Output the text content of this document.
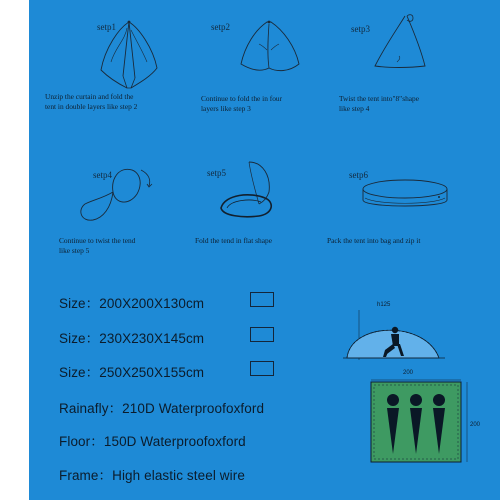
setp1
Unzip the curtain and fold the
tent in double layers like step 2
setp2
Continue to fold the in four
layers like step 3
setp3
Twist the tent into"8"shape
like step 4
setp4
Continue to twist the tend
like step 5
setp5
Fold the tend in flat shape
setp6
Pack the tent into bag and zip it
Size：200X200X130cm
Size：230X230X145cm
Size：250X250X155cm
Rainafly：210D Waterproofoxford
Floor：150D Waterproofoxford
Frame：High elastic steel wire
h125
200
200
